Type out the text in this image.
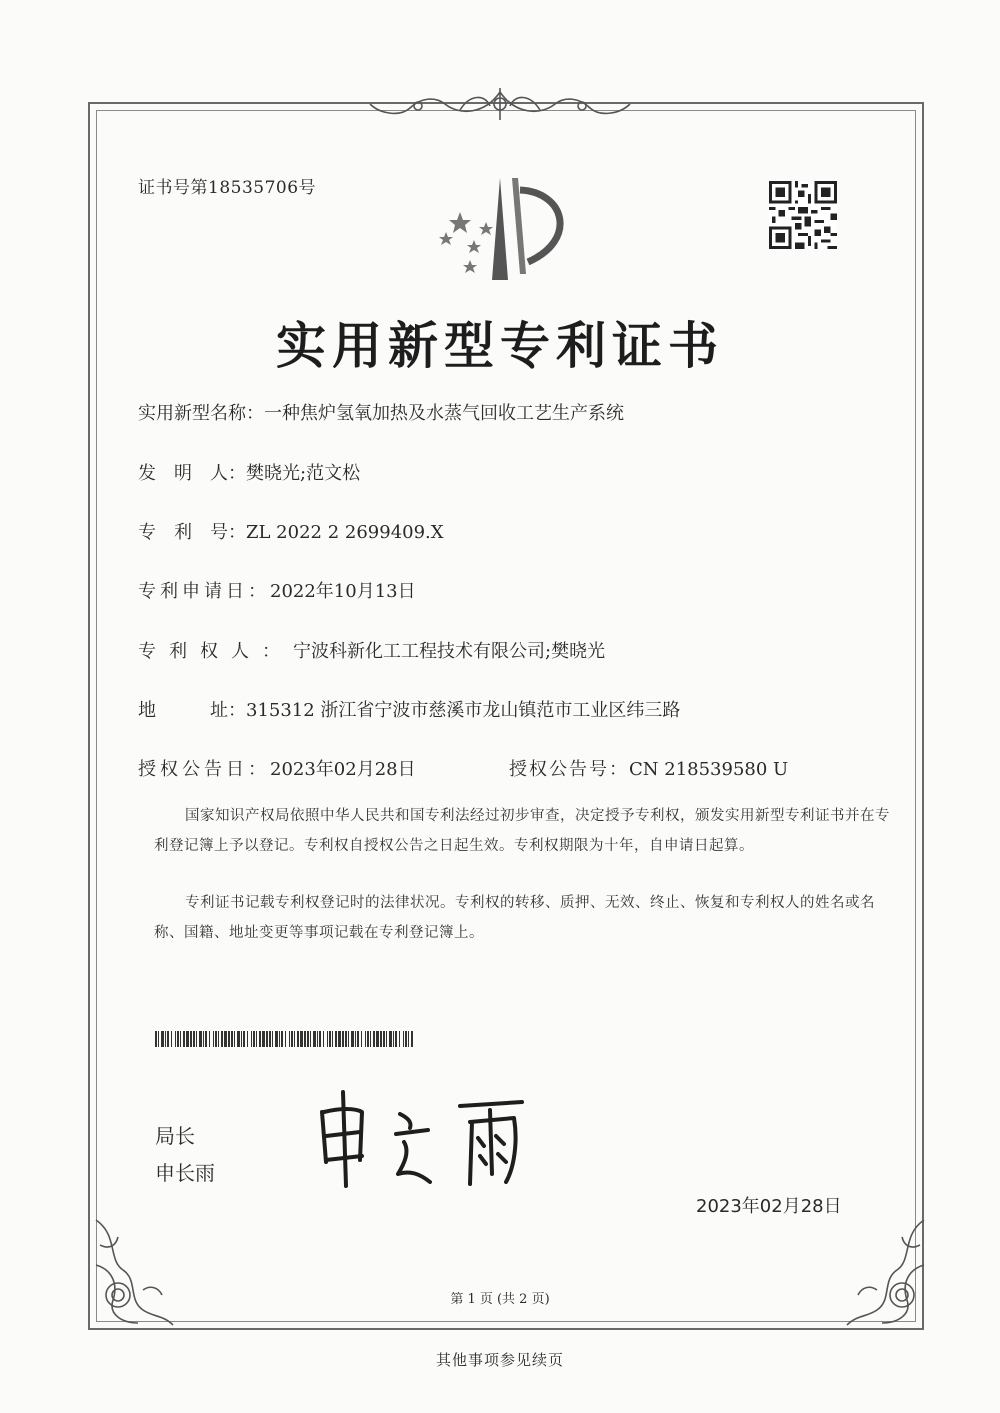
证书号第18535706号
实用新型专利证书
实用新型名称：一种焦炉氢氧加热及水蒸气回收工艺生产系统
发　明　人：樊晓光;范文松
专　利　号：ZL 2022 2 2699409.X
专利申请日：2022年10月13日
专利权人：宁波科新化工工程技术有限公司;樊晓光
地　　　址：315312 浙江省宁波市慈溪市龙山镇范市工业区纬三路
授权公告日：2023年02月28日	授权公告号：CN 218539580 U
国家知识产权局依照中华人民共和国专利法经过初步审查，决定授予专利权，颁发实用新型专利证书并在专利登记簿上予以登记。专利权自授权公告之日起生效。专利权期限为十年，自申请日起算。
专利证书记载专利权登记时的法律状况。专利权的转移、质押、无效、终止、恢复和专利权人的姓名或名称、国籍、地址变更等事项记载在专利登记簿上。
局长
申长雨
2023年02月28日
第 1 页 (共 2 页)
其他事项参见续页
